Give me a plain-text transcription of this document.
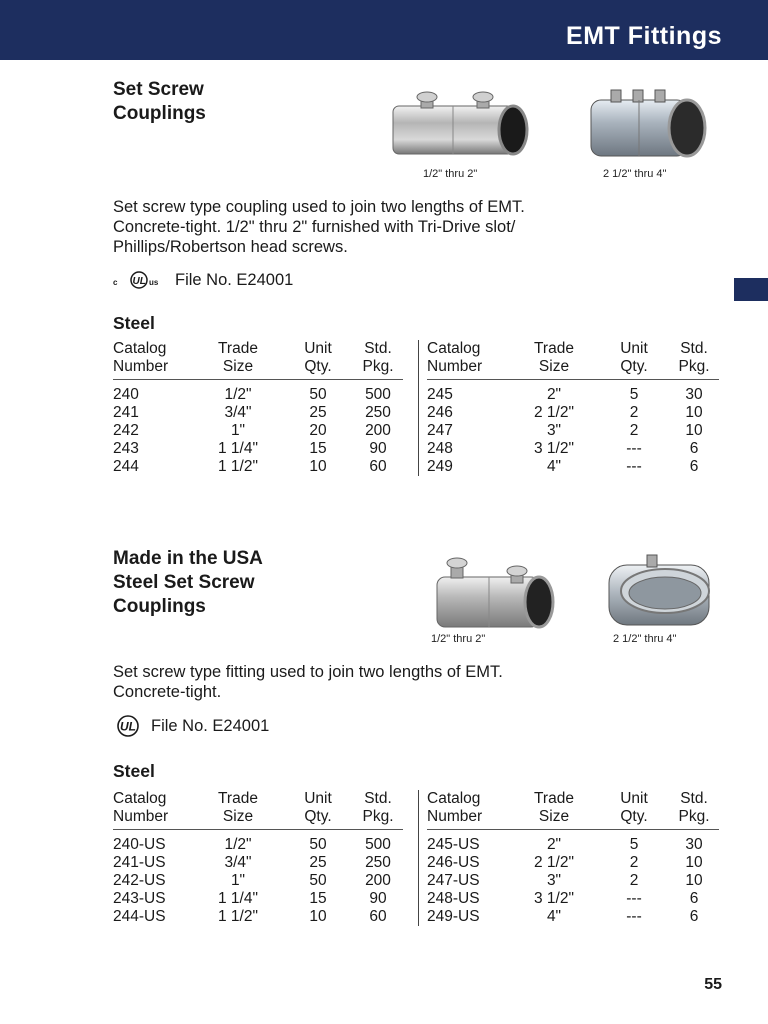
EMT Fittings
Set Screw
Couplings
1/2" thru 2"	2 1/2" thru 4"
Set screw type coupling used to join two lengths of EMT.
Concrete-tight. 1/2" thru 2" furnished with Tri-Drive slot/
Phillips/Robertson head screws.
c UL us File No. E24001
Steel
Catalog	Trade	Unit	Std.
Number	Size	Qty.	Pkg.
240	1/2"	50	500
241	3/4"	25	250
242	1"	20	200
243	1 1/4"	15	90
244	1 1/2"	10	60
Catalog	Trade	Unit	Std.
Number	Size	Qty.	Pkg.
245	2"	5	30
246	2 1/2"	2	10
247	3"	2	10
248	3 1/2"	---	6
249	4"	---	6
Made in the USA
Steel Set Screw
Couplings
1/2" thru 2"	2 1/2" thru 4"
Set screw type fitting used to join two lengths of EMT.
Concrete-tight.
UL File No. E24001
Steel
Catalog	Trade	Unit	Std.
Number	Size	Qty.	Pkg.
240-US	1/2"	50	500
241-US	3/4"	25	250
242-US	1"	50	200
243-US	1 1/4"	15	90
244-US	1 1/2"	10	60
Catalog	Trade	Unit	Std.
Number	Size	Qty.	Pkg.
245-US	2"	5	30
246-US	2 1/2"	2	10
247-US	3"	2	10
248-US	3 1/2"	---	6
249-US	4"	---	6
55
